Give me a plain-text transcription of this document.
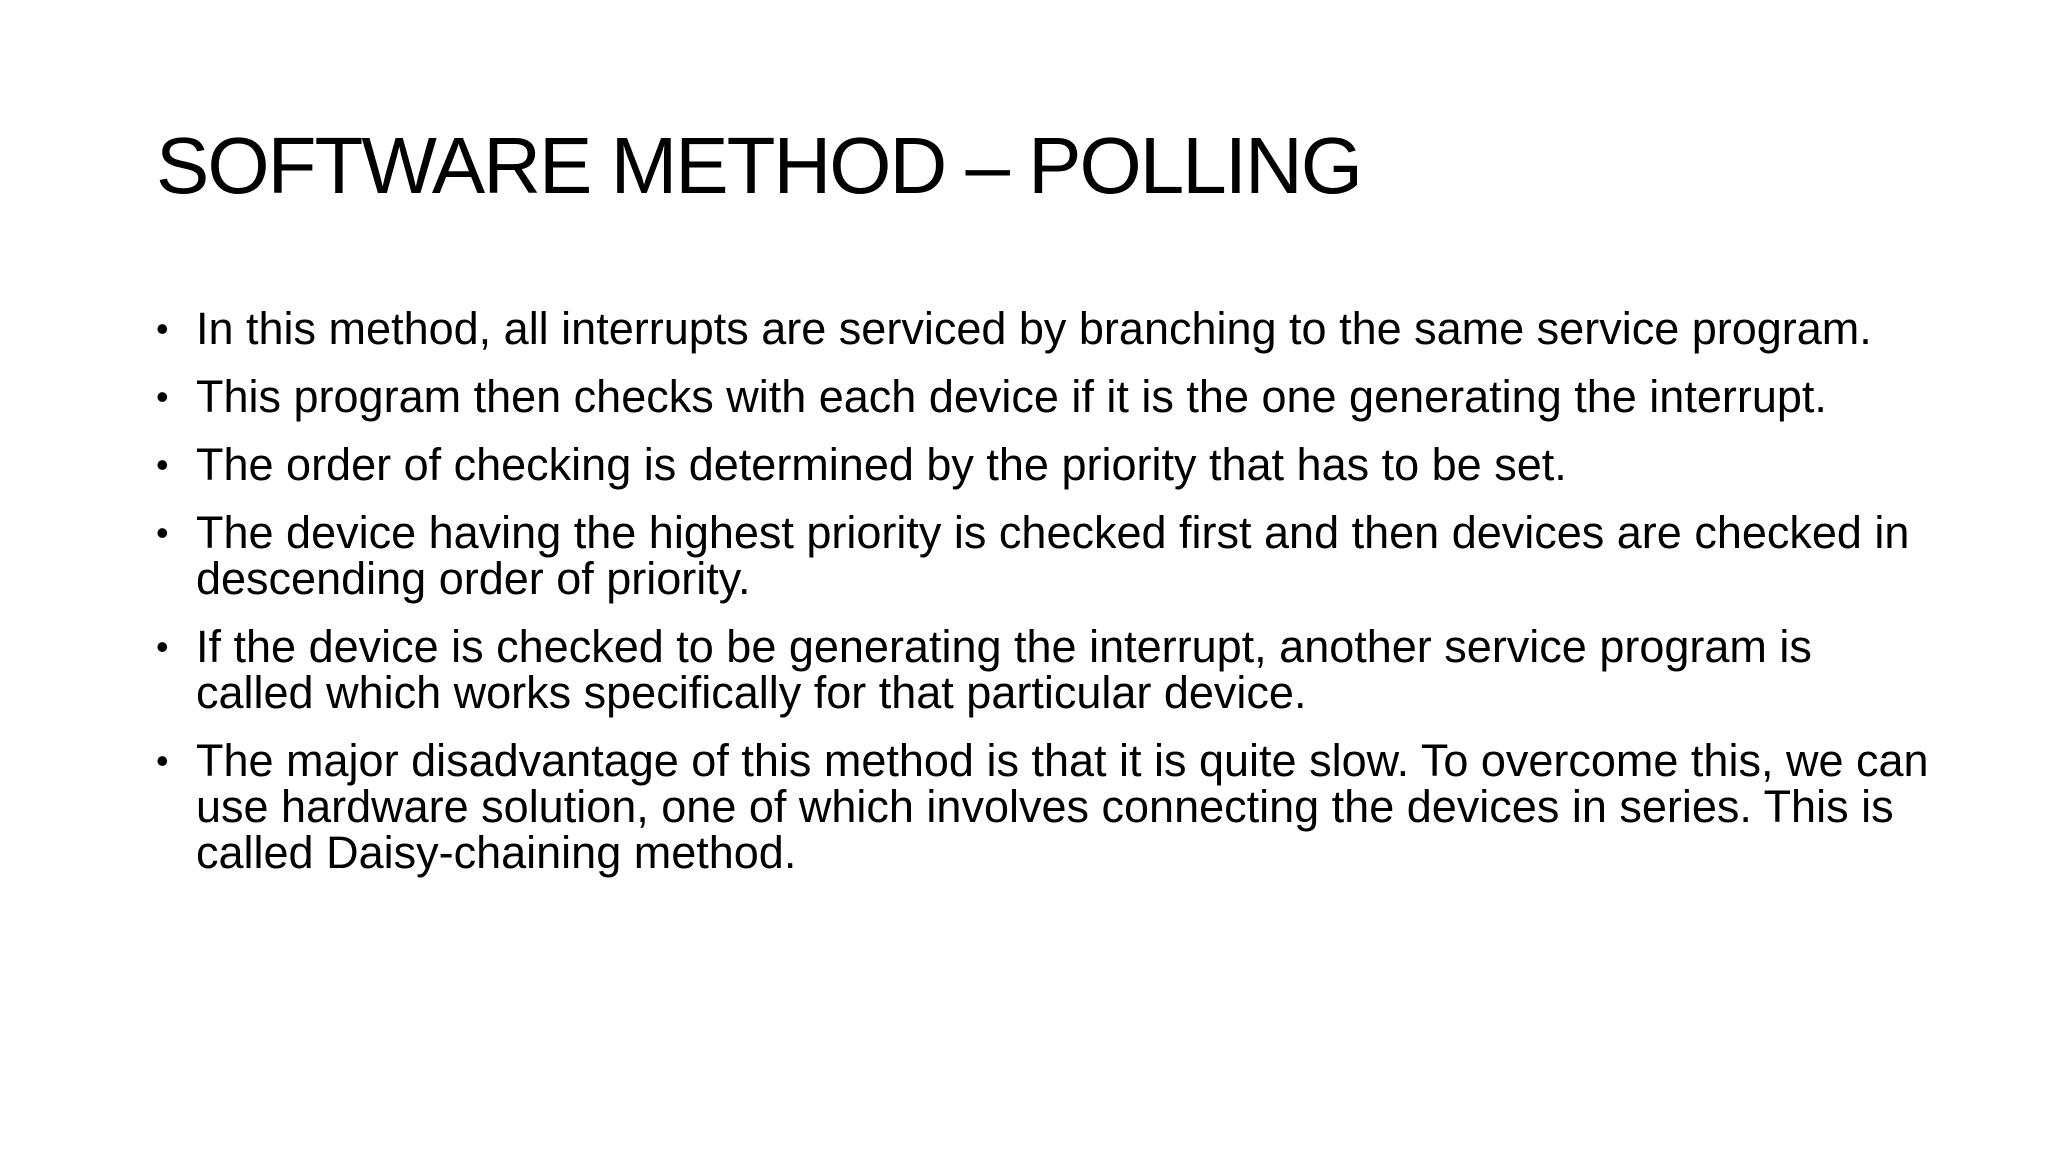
SOFTWARE METHOD – POLLING
• In this method, all interrupts are serviced by branching to the same service program.
• This program then checks with each device if it is the one generating the interrupt.
• The order of checking is determined by the priority that has to be set.
• The device having the highest priority is checked first and then devices are checked in descending order of priority.
• If the device is checked to be generating the interrupt, another service program is called which works specifically for that particular device.
• The major disadvantage of this method is that it is quite slow. To overcome this, we can use hardware solution, one of which involves connecting the devices in series. This is called Daisy-chaining method.
